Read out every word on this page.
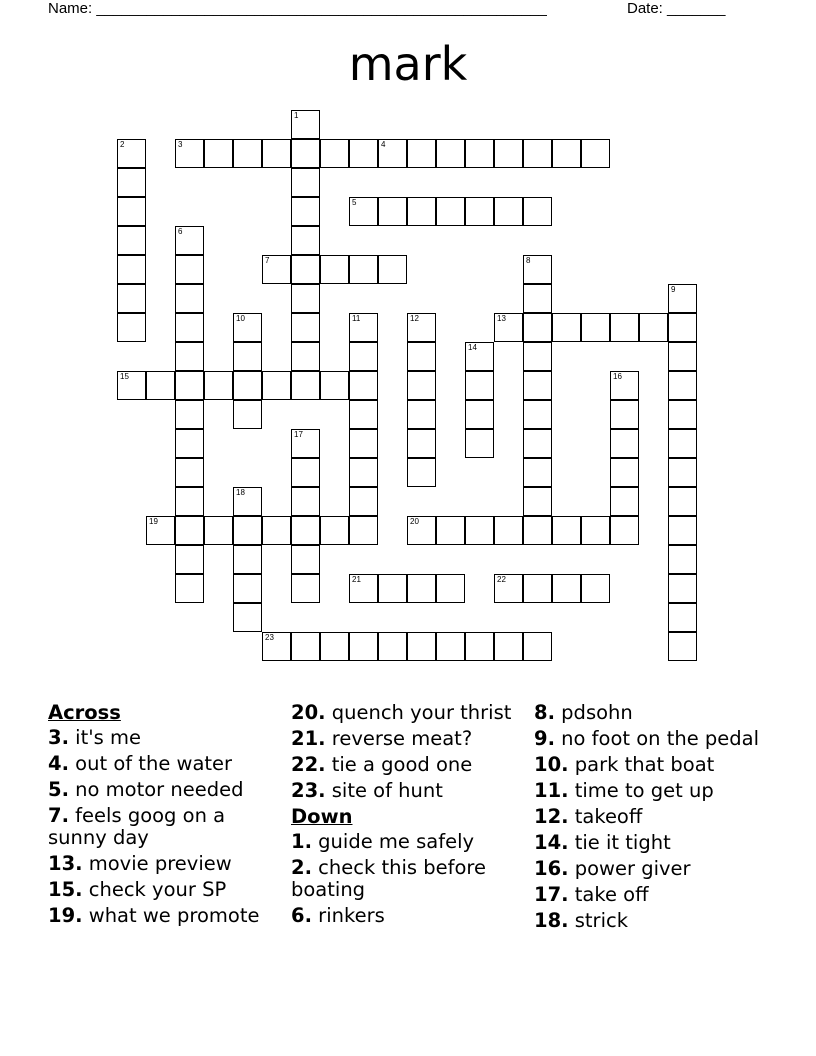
Name: ______________________________________________________	Date: _______
mark
1
2	3	4
5
6
7	8
9
10	11	12	13
14
15	16
17
18
19	20
21	22
23
Across
3. it's me
4. out of the water
5. no motor needed
7. feels goog on a sunny day
13. movie preview
15. check your SP
19. what we promote
20. quench your thrist
21. reverse meat?
22. tie a good one
23. site of hunt
Down
1. guide me safely
2. check this before boating
6. rinkers
8. pdsohn
9. no foot on the pedal
10. park that boat
11. time to get up
12. takeoff
14. tie it tight
16. power giver
17. take off
18. strick
